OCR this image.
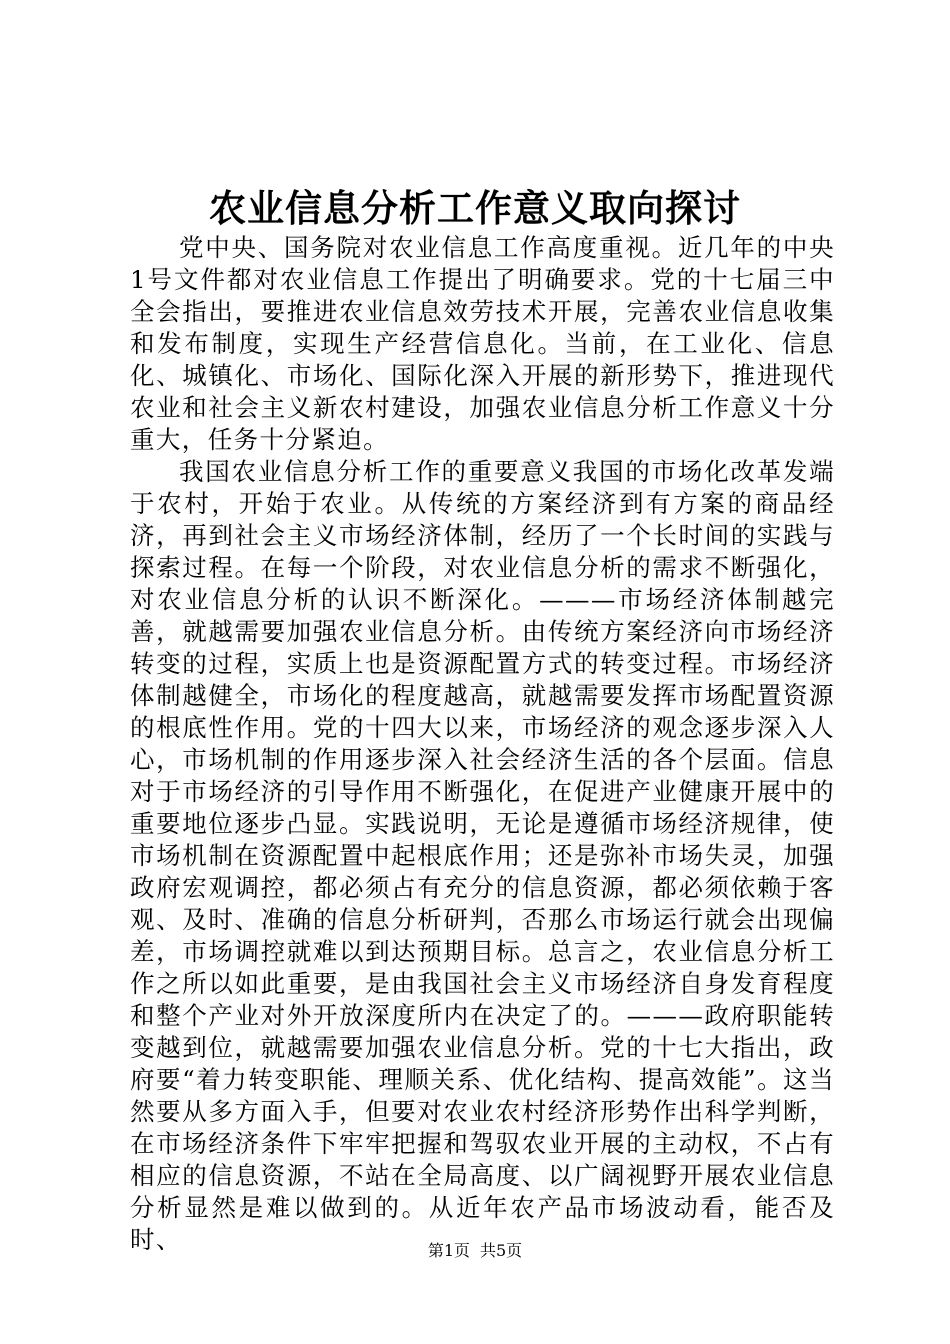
农业信息分析工作意义取向探讨

党中央、国务院对农业信息工作高度重视。近几年的中央1号文件都对农业信息工作提出了明确要求。党的十七届三中全会指出，要推进农业信息效劳技术开展，完善农业信息收集和发布制度，实现生产经营信息化。当前，在工业化、信息化、城镇化、市场化、国际化深入开展的新形势下，推进现代农业和社会主义新农村建设，加强农业信息分析工作意义十分重大，任务十分紧迫。

我国农业信息分析工作的重要意义我国的市场化改革发端于农村，开始于农业。从传统的方案经济到有方案的商品经济，再到社会主义市场经济体制，经历了一个长时间的实践与探索过程。在每一个阶段，对农业信息分析的需求不断强化，对农业信息分析的认识不断深化。———市场经济体制越完善，就越需要加强农业信息分析。由传统方案经济向市场经济转变的过程，实质上也是资源配置方式的转变过程。市场经济体制越健全，市场化的程度越高，就越需要发挥市场配置资源的根底性作用。党的十四大以来，市场经济的观念逐步深入人心，市场机制的作用逐步深入社会经济生活的各个层面。信息对于市场经济的引导作用不断强化，在促进产业健康开展中的重要地位逐步凸显。实践说明，无论是遵循市场经济规律，使市场机制在资源配置中起根底作用；还是弥补市场失灵，加强政府宏观调控，都必须占有充分的信息资源，都必须依赖于客观、及时、准确的信息分析研判，否那么市场运行就会出现偏差，市场调控就难以到达预期目标。总言之，农业信息分析工作之所以如此重要，是由我国社会主义市场经济自身发育程度和整个产业对外开放深度所内在决定了的。———政府职能转变越到位，就越需要加强农业信息分析。党的十七大指出，政府要“着力转变职能、理顺关系、优化结构、提高效能”。这当然要从多方面入手，但要对农业农村经济形势作出科学判断，在市场经济条件下牢牢把握和驾驭农业开展的主动权，不占有相应的信息资源，不站在全局高度、以广阔视野开展农业信息分析显然是难以做到的。从近年农产品市场波动看，能否及时、	第1页 共5页
